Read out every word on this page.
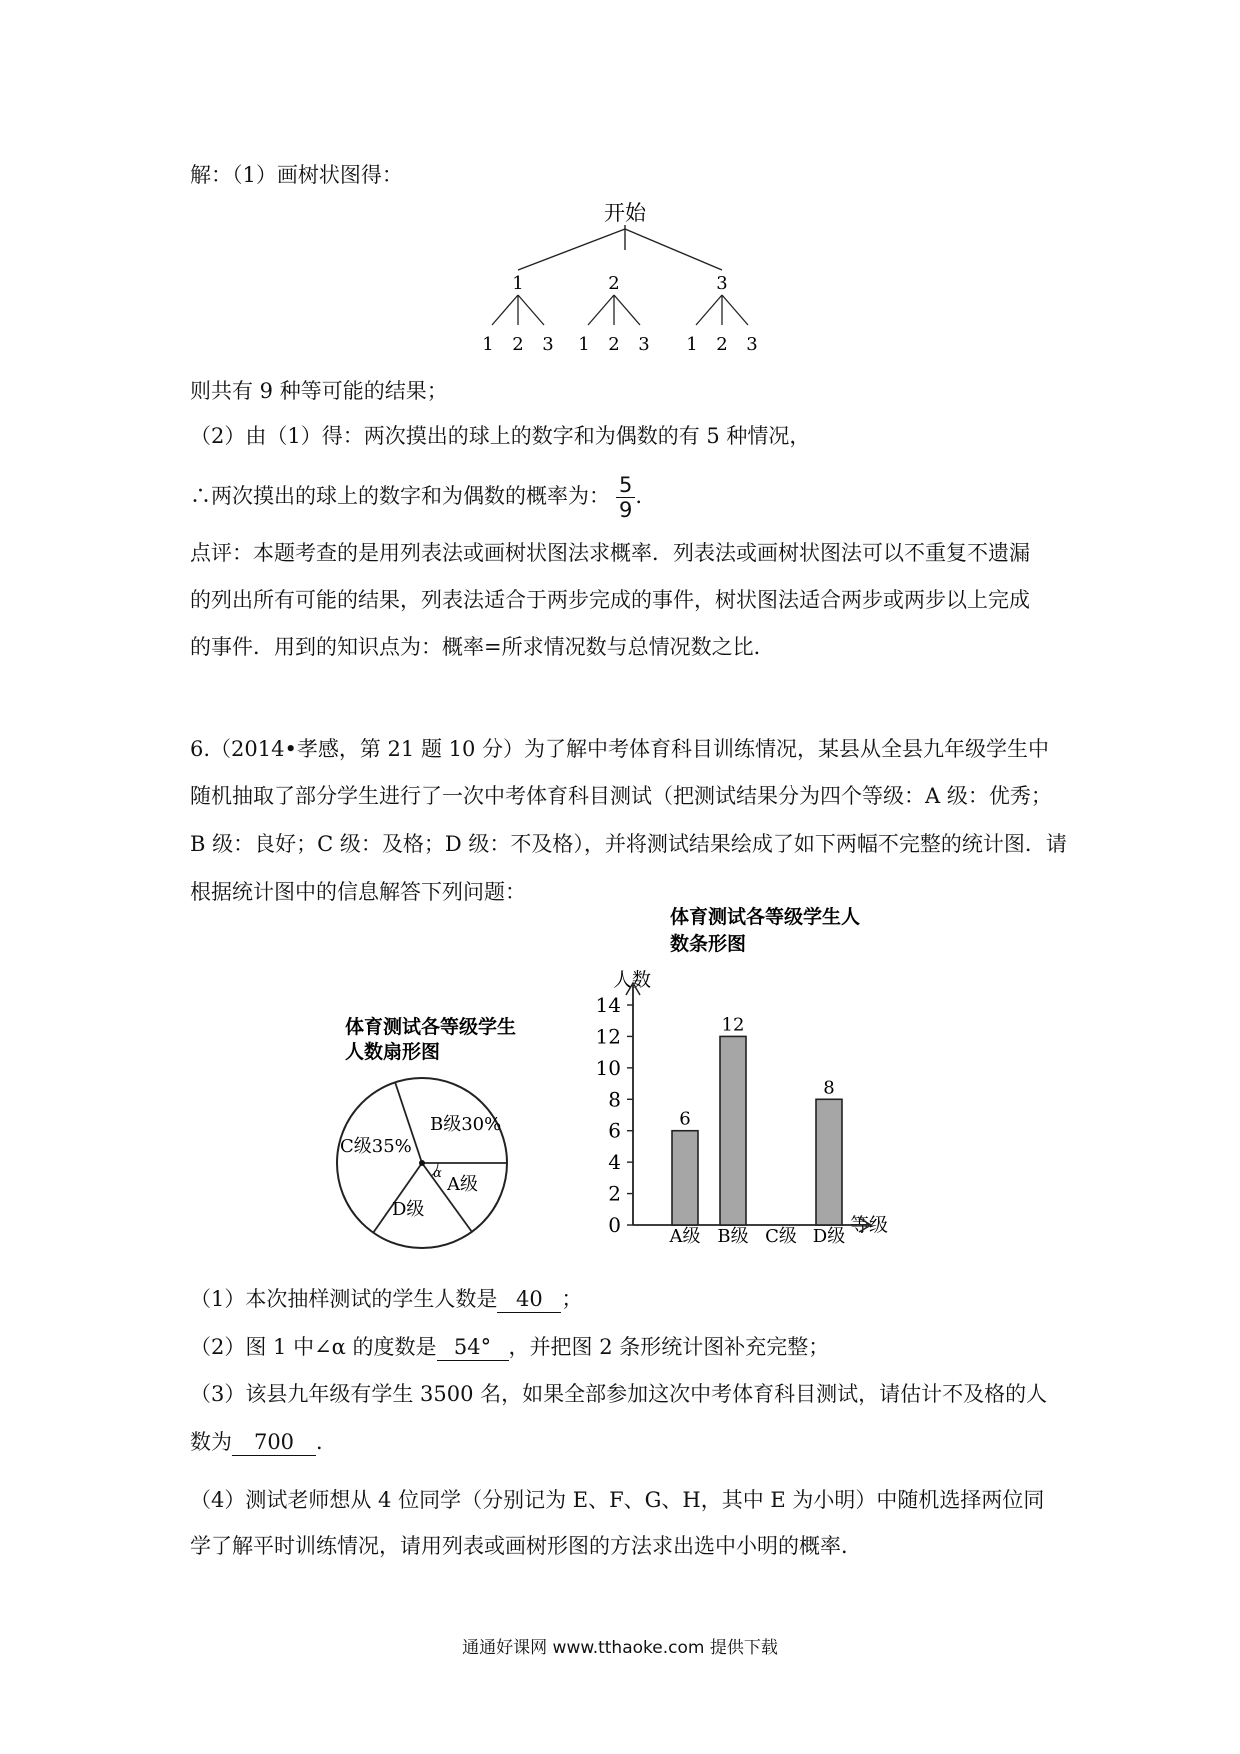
解：（1）画树状图得：
开始
1
1 2 3
2
1 2 3
3
1 2 3
则共有 9 种等可能的结果；
（2）由（1）得：两次摸出的球上的数字和为偶数的有 5 种情况，
∴两次摸出的球上的数字和为偶数的概率为： $\frac{5}{9}$ .
点评：本题考查的是用列表法或画树状图法求概率．列表法或画树状图法可以不重复不遗漏
的列出所有可能的结果，列表法适合于两步完成的事件，树状图法适合两步或两步以上完成
的事件．用到的知识点为：概率=所求情况数与总情况数之比．
6.（2014•孝感，第 21 题 10 分）为了解中考体育科目训练情况，某县从全县九年级学生中
随机抽取了部分学生进行了一次中考体育科目测试（把测试结果分为四个等级：A 级：优秀；
B 级：良好；C 级：及格；D 级：不及格），并将测试结果绘成了如下两幅不完整的统计图．请
根据统计图中的信息解答下列问题：
体育测试各等级学生
人数扇形图
B级30%
C级35%
A级
D级
α
体育测试各等级学生人
数条形图
人数
等级
14
12
10
8
6
4
2
0
6
A级
12
B级 C级
8
D级
（1）本次抽样测试的学生人数是 40 ；
（2）图 1 中∠α 的度数是 54° ，并把图 2 条形统计图补充完整；
（3）该县九年级有学生 3500 名，如果全部参加这次中考体育科目测试，请估计不及格的人
数为 700 ．
（4）测试老师想从 4 位同学（分别记为 E、F、G、H，其中 E 为小明）中随机选择两位同
学了解平时训练情况，请用列表或画树形图的方法求出选中小明的概率．
通通好课网 www.tthaoke.com 提供下载
